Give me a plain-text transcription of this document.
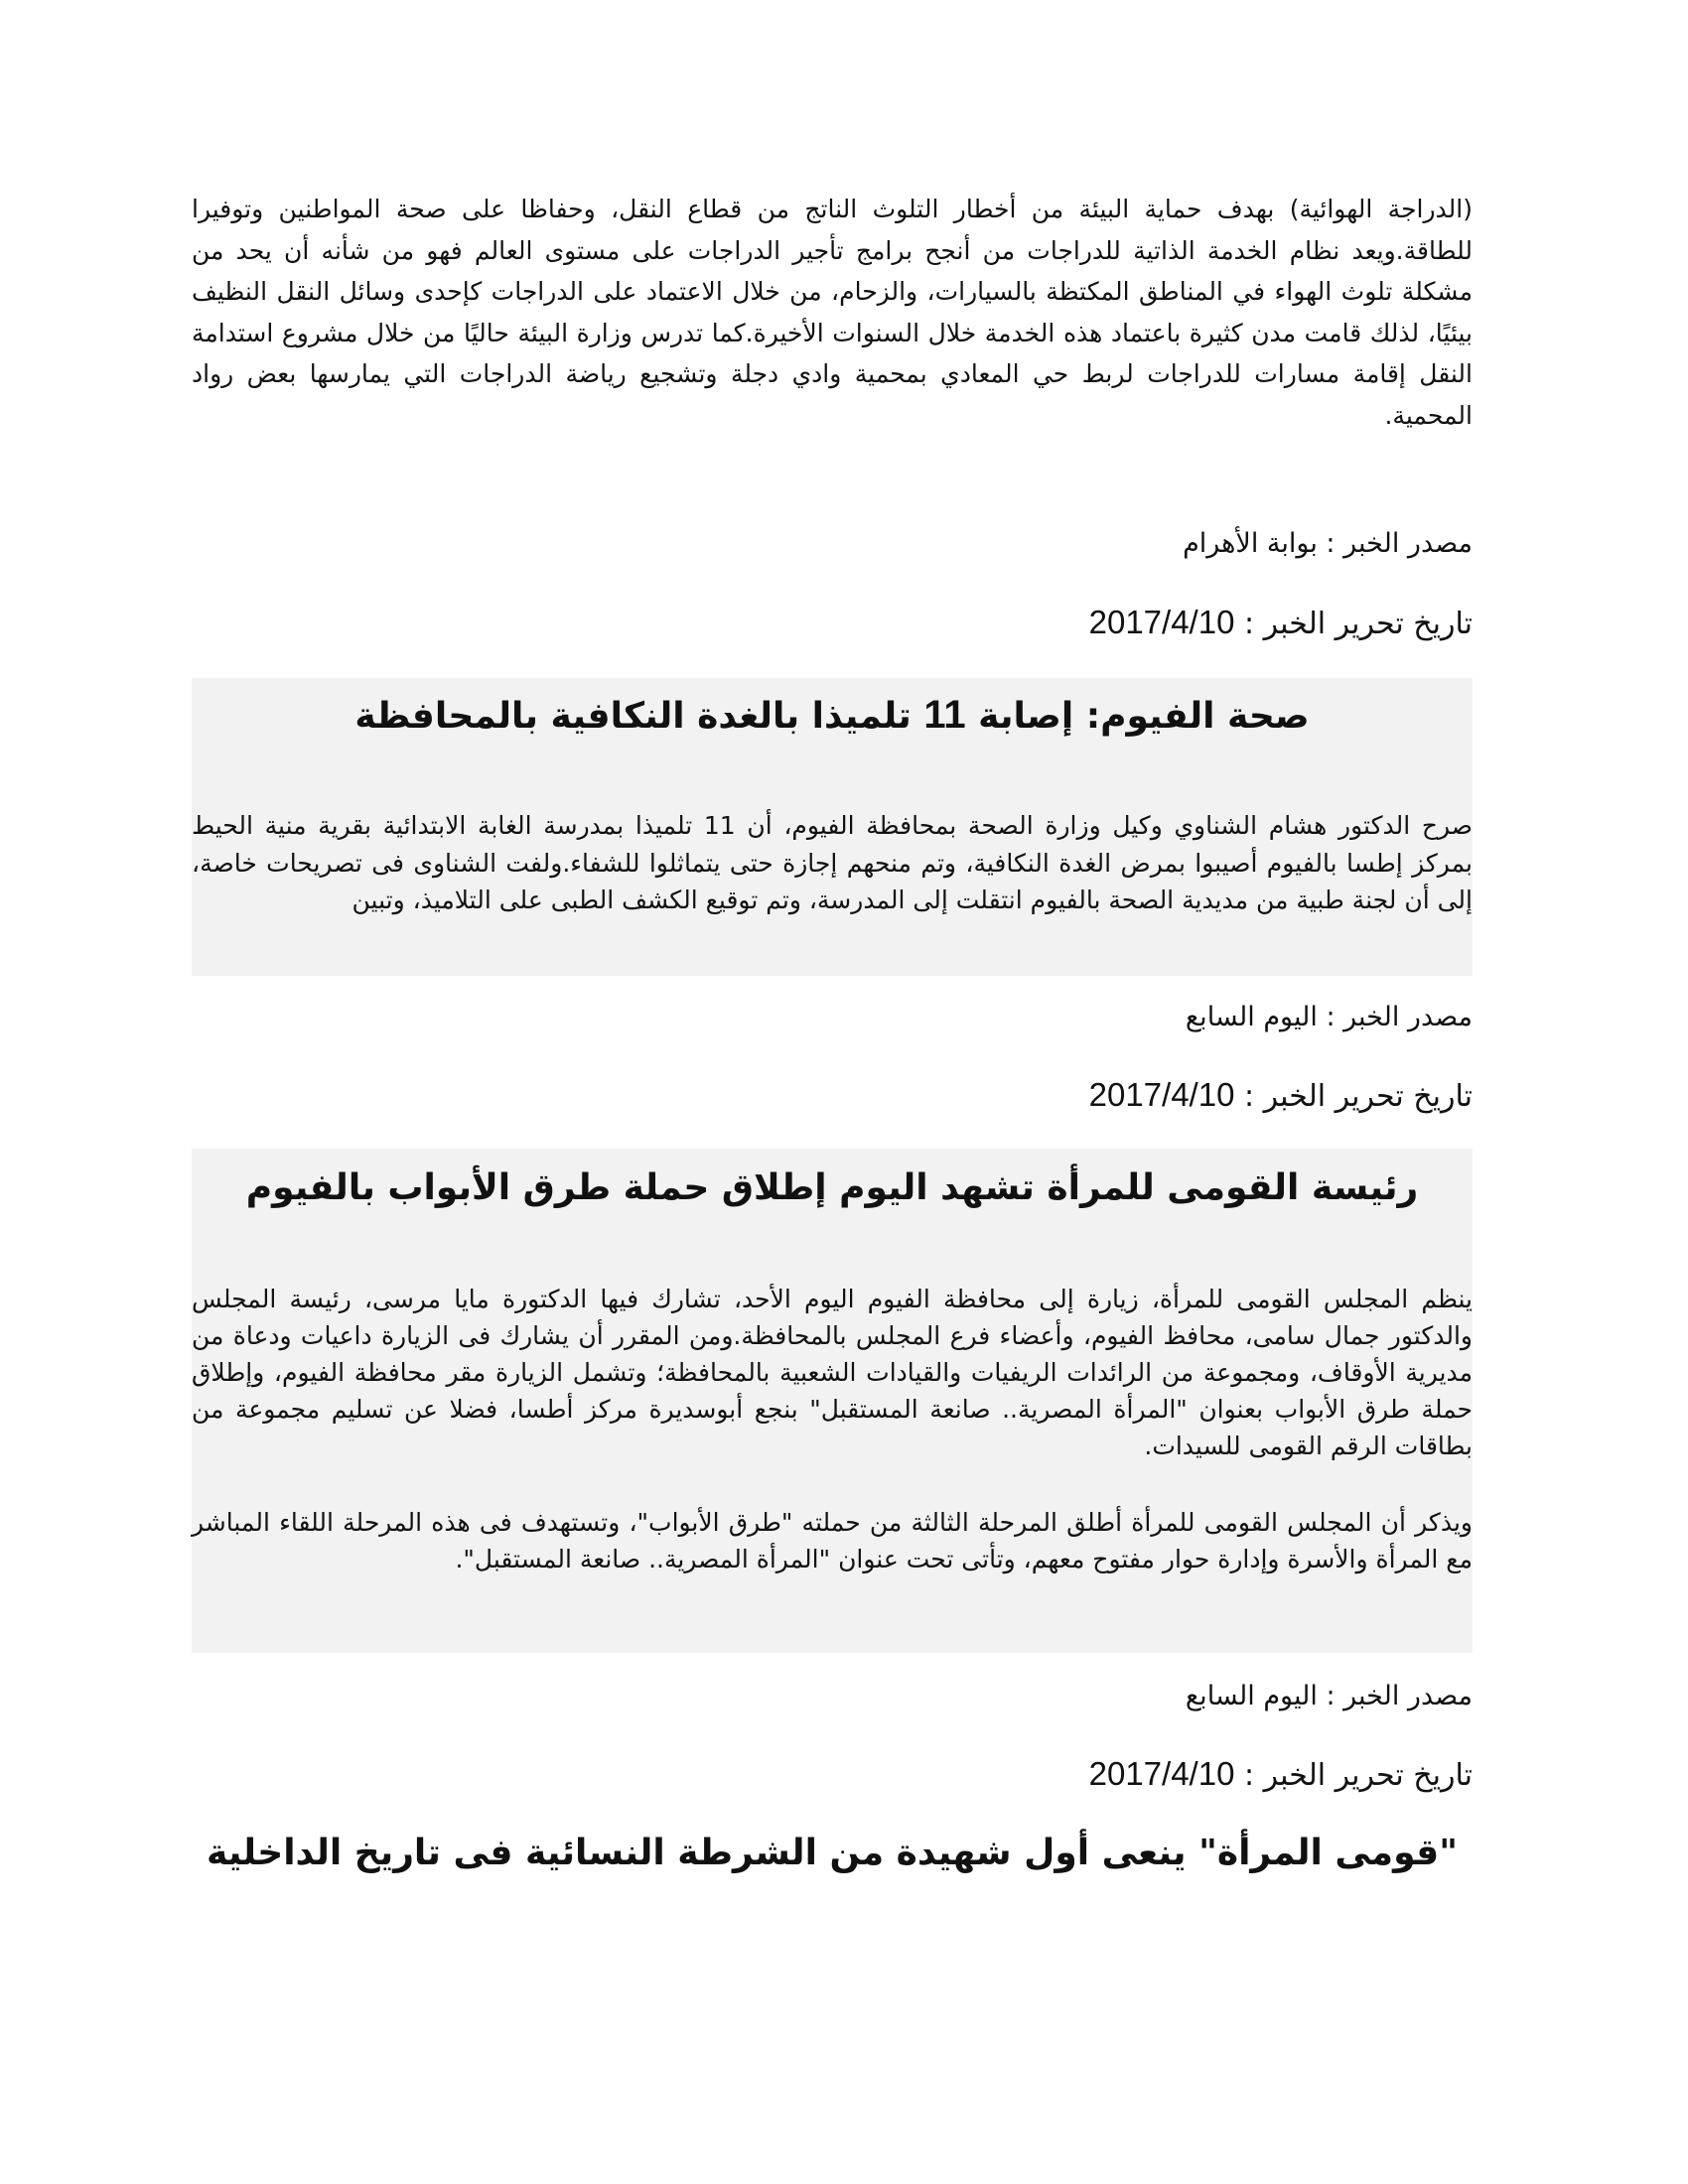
(الدراجة الهوائية) بهدف حماية البيئة من أخطار التلوث الناتج من قطاع النقل، وحفاظا على صحة المواطنين وتوفيرا للطاقة.ويعد نظام الخدمة الذاتية للدراجات من أنجح برامج تأجير الدراجات على مستوى العالم فهو من شأنه أن يحد من مشكلة تلوث الهواء في المناطق المكتظة بالسيارات، والزحام، من خلال الاعتماد على الدراجات كإحدى وسائل النقل النظيف بيئيًا، لذلك قامت مدن كثيرة باعتماد هذه الخدمة خلال السنوات الأخيرة.كما تدرس وزارة البيئة حاليًا من خلال مشروع استدامة النقل إقامة مسارات للدراجات لربط حي المعادي بمحمية وادي دجلة وتشجيع رياضة الدراجات التي يمارسها بعض رواد المحمية.

مصدر الخبر : بوابة الأهرام

تاريخ تحرير الخبر : 2017/4/10

صحة الفيوم: إصابة 11 تلميذا بالغدة النكافية بالمحافظة

صرح الدكتور هشام الشناوي وكيل وزارة الصحة بمحافظة الفيوم، أن 11 تلميذا بمدرسة الغابة الابتدائية بقرية منية الحيط بمركز إطسا بالفيوم أصيبوا بمرض الغدة النكافية، وتم منحهم إجازة حتى يتماثلوا للشفاء.ولفت الشناوى فى تصريحات خاصة، إلى أن لجنة طبية من مديدية الصحة بالفيوم انتقلت إلى المدرسة، وتم توقيع الكشف الطبى على التلاميذ، وتبين

مصدر الخبر : اليوم السابع

تاريخ تحرير الخبر : 2017/4/10

رئيسة القومى للمرأة تشهد اليوم إطلاق حملة طرق الأبواب بالفيوم

ينظم المجلس القومى للمرأة، زيارة إلى محافظة الفيوم اليوم الأحد، تشارك فيها الدكتورة مايا مرسى، رئيسة المجلس والدكتور جمال سامى، محافظ الفيوم، وأعضاء فرع المجلس بالمحافظة.ومن المقرر أن يشارك فى الزيارة داعيات ودعاة من مديرية الأوقاف، ومجموعة من الرائدات الريفيات والقيادات الشعبية بالمحافظة؛ وتشمل الزيارة مقر محافظة الفيوم، وإطلاق حملة طرق الأبواب بعنوان "المرأة المصرية.. صانعة المستقبل" بنجع أبوسديرة مركز أطسا، فضلا عن تسليم مجموعة من بطاقات الرقم القومى للسيدات.

ويذكر أن المجلس القومى للمرأة أطلق المرحلة الثالثة من حملته "طرق الأبواب"، وتستهدف فى هذه المرحلة اللقاء المباشر مع المرأة والأسرة وإدارة حوار مفتوح معهم، وتأتى تحت عنوان "المرأة المصرية.. صانعة المستقبل".

مصدر الخبر : اليوم السابع

تاريخ تحرير الخبر : 2017/4/10

"قومى المرأة" ينعى أول شهيدة من الشرطة النسائية فى تاريخ الداخلية
